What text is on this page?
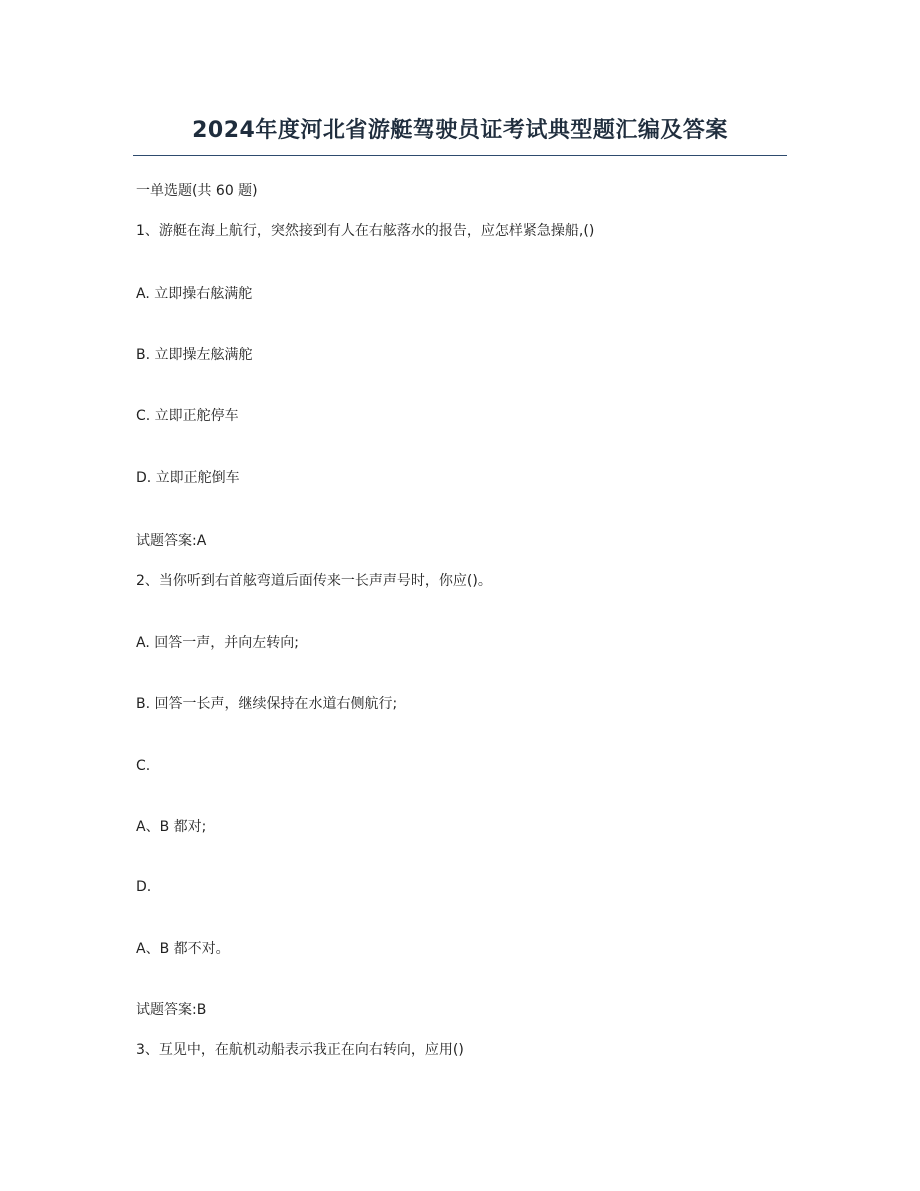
2024年度河北省游艇驾驶员证考试典型题汇编及答案
一单选题(共 60 题)
1、游艇在海上航行，突然接到有人在右舷落水的报告，应怎样紧急操船,()
A. 立即操右舷满舵
B. 立即操左舷满舵
C. 立即正舵停车
D. 立即正舵倒车
试题答案:A
2、当你听到右首舷弯道后面传来一长声声号时，你应()。
A. 回答一声，并向左转向;
B. 回答一长声，继续保持在水道右侧航行;
C.
A、B 都对;
D.
A、B 都不对。
试题答案:B
3、互见中，在航机动船表示我正在向右转向，应用()
